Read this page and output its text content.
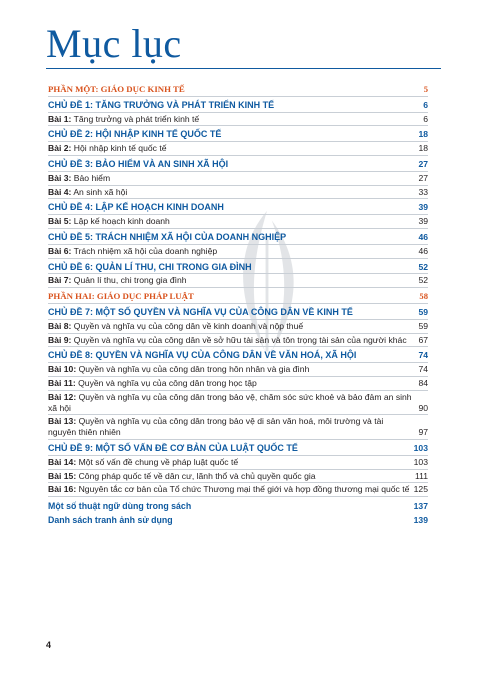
Mục lục
PHẦN MỘT: GIÁO DỤC KINH TẾ	5
CHỦ ĐỀ 1: TĂNG TRƯỞNG VÀ PHÁT TRIỂN KINH TẾ	6
Bài 1: Tăng trưởng và phát triển kinh tế	6
CHỦ ĐỀ 2: HỘI NHẬP KINH TẾ QUỐC TẾ	18
Bài 2: Hội nhập kinh tế quốc tế	18
CHỦ ĐỀ 3: BẢO HIỂM VÀ AN SINH XÃ HỘI	27
Bài 3: Bảo hiểm	27
Bài 4: An sinh xã hội	33
CHỦ ĐỀ 4: LẬP KẾ HOẠCH KINH DOANH	39
Bài 5: Lập kế hoạch kinh doanh	39
CHỦ ĐỀ 5: TRÁCH NHIỆM XÃ HỘI CỦA DOANH NGHIỆP	46
Bài 6: Trách nhiệm xã hội của doanh nghiệp	46
CHỦ ĐỀ 6: QUẢN LÍ THU, CHI TRONG GIA ĐÌNH	52
Bài 7: Quản lí thu, chi trong gia đình	52
PHẦN HAI: GIÁO DỤC PHÁP LUẬT	58
CHỦ ĐỀ 7: MỘT SỐ QUYỀN VÀ NGHĨA VỤ CỦA CÔNG DÂN VỀ KINH TẾ	59
Bài 8: Quyền và nghĩa vụ của công dân về kinh doanh và nộp thuế	59
Bài 9: Quyền và nghĩa vụ của công dân về sở hữu tài sản và tôn trọng tài sản của người khác	67
CHỦ ĐỀ 8: QUYỀN VÀ NGHĨA VỤ CỦA CÔNG DÂN VỀ VĂN HOÁ, XÃ HỘI	74
Bài 10: Quyền và nghĩa vụ của công dân trong hôn nhân và gia đình	74
Bài 11: Quyền và nghĩa vụ của công dân trong học tập	84
Bài 12: Quyền và nghĩa vụ của công dân trong bảo vệ, chăm sóc sức khoẻ và bảo đảm an sinh xã hội	90
Bài 13: Quyền và nghĩa vụ của công dân trong bảo vệ di sản văn hoá, môi trường và tài nguyên thiên nhiên	97
CHỦ ĐỀ 9: MỘT SỐ VẤN ĐỀ CƠ BẢN CỦA LUẬT QUỐC TẾ	103
Bài 14: Một số vấn đề chung về pháp luật quốc tế	103
Bài 15: Công pháp quốc tế về dân cư, lãnh thổ và chủ quyền quốc gia	111
Bài 16: Nguyên tắc cơ bản của Tổ chức Thương mại thế giới và hợp đồng thương mại quốc tế 125
Một số thuật ngữ dùng trong sách	137
Danh sách tranh ảnh sử dụng	139
4
